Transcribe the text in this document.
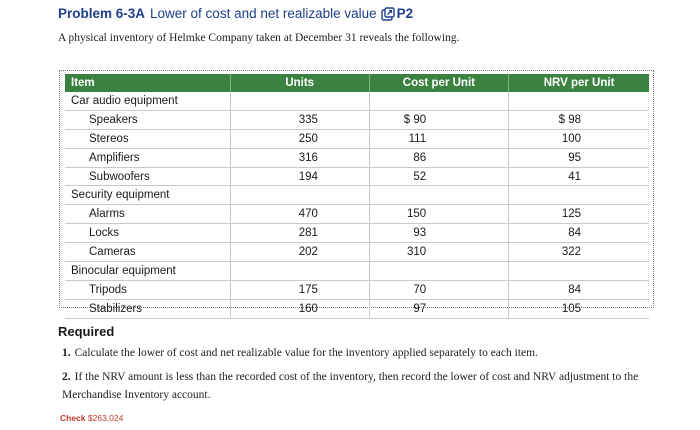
Problem 6-3A Lower of cost and net realizable value P2
A physical inventory of Helmke Company taken at December 31 reveals the following.
Item	Units	Cost per Unit	NRV per Unit
Car audio equipment			
Speakers	335	$ 90	$ 98
Stereos	250	111	100
Amplifiers	316	86	95
Subwoofers	194	52	41
Security equipment			
Alarms	470	150	125
Locks	281	93	84
Cameras	202	310	322
Binocular equipment			
Tripods	175	70	84
Stabilizers	160	97	105
Required
1. Calculate the lower of cost and net realizable value for the inventory applied separately to each item.
2. If the NRV amount is less than the recorded cost of the inventory, then record the lower of cost and NRV adjustment to the Merchandise Inventory account.
Check $263,024
